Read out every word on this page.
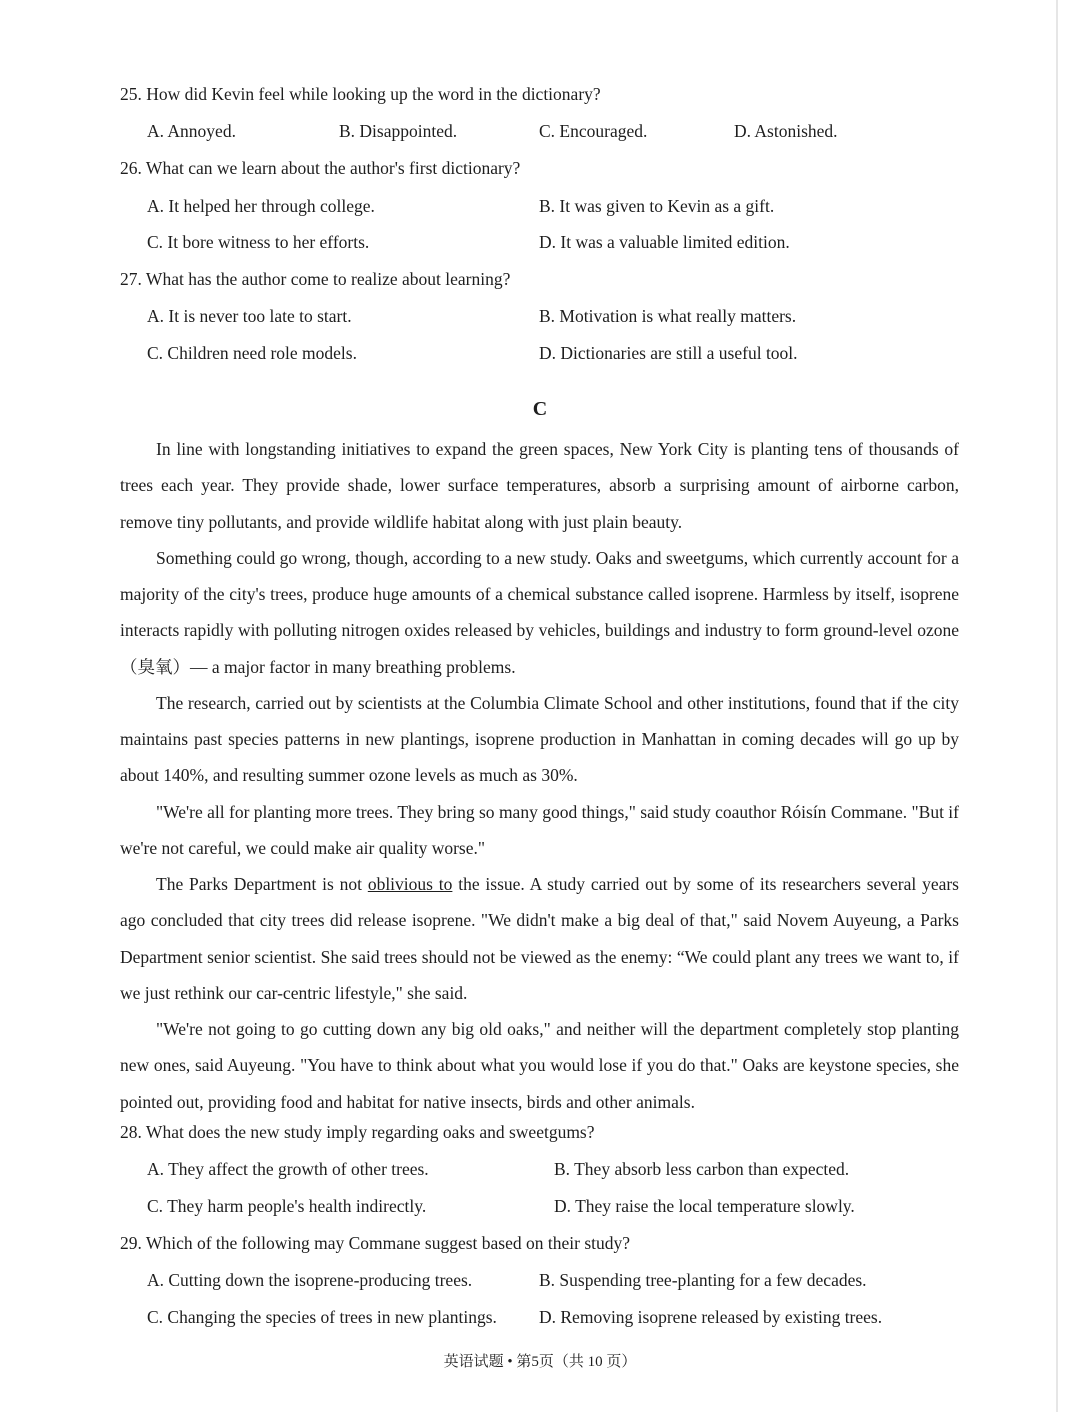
25. How did Kevin feel while looking up the word in the dictionary?
A. Annoyed.	B. Disappointed.	C. Encouraged.	D. Astonished.
26. What can we learn about the author's first dictionary?
A. It helped her through college.	B. It was given to Kevin as a gift.
C. It bore witness to her efforts.	D. It was a valuable limited edition.
27. What has the author come to realize about learning?
A. It is never too late to start.	B. Motivation is what really matters.
C. Children need role models.	D. Dictionaries are still a useful tool.
C

In line with longstanding initiatives to expand the green spaces, New York City is planting tens of thousands of trees each year. They provide shade, lower surface temperatures, absorb a surprising amount of airborne carbon, remove tiny pollutants, and provide wildlife habitat along with just plain beauty.

Something could go wrong, though, according to a new study. Oaks and sweetgums, which currently account for a majority of the city's trees, produce huge amounts of a chemical substance called isoprene. Harmless by itself, isoprene interacts rapidly with polluting nitrogen oxides released by vehicles, buildings and industry to form ground-level ozone（臭氧）— a major factor in many breathing problems.

The research, carried out by scientists at the Columbia Climate School and other institutions, found that if the city maintains past species patterns in new plantings, isoprene production in Manhattan in coming decades will go up by about 140%, and resulting summer ozone levels as much as 30%.

"We're all for planting more trees. They bring so many good things," said study coauthor Róisín Commane. "But if we're not careful, we could make air quality worse."

The Parks Department is not oblivious to the issue. A study carried out by some of its researchers several years ago concluded that city trees did release isoprene. "We didn't make a big deal of that," said Novem Auyeung, a Parks Department senior scientist. She said trees should not be viewed as the enemy: “We could plant any trees we want to, if we just rethink our car-centric lifestyle," she said.

"We're not going to go cutting down any big old oaks," and neither will the department completely stop planting new ones, said Auyeung. "You have to think about what you would lose if you do that." Oaks are keystone species, she pointed out, providing food and habitat for native insects, birds and other animals.

28. What does the new study imply regarding oaks and sweetgums?
A. They affect the growth of other trees.	B. They absorb less carbon than expected.
C. They harm people's health indirectly.	D. They raise the local temperature slowly.
29. Which of the following may Commane suggest based on their study?
A. Cutting down the isoprene-producing trees.	B. Suspending tree-planting for a few decades.
C. Changing the species of trees in new plantings. D. Removing isoprene released by existing trees.
英语试题 • 第5页（共 10 页）
